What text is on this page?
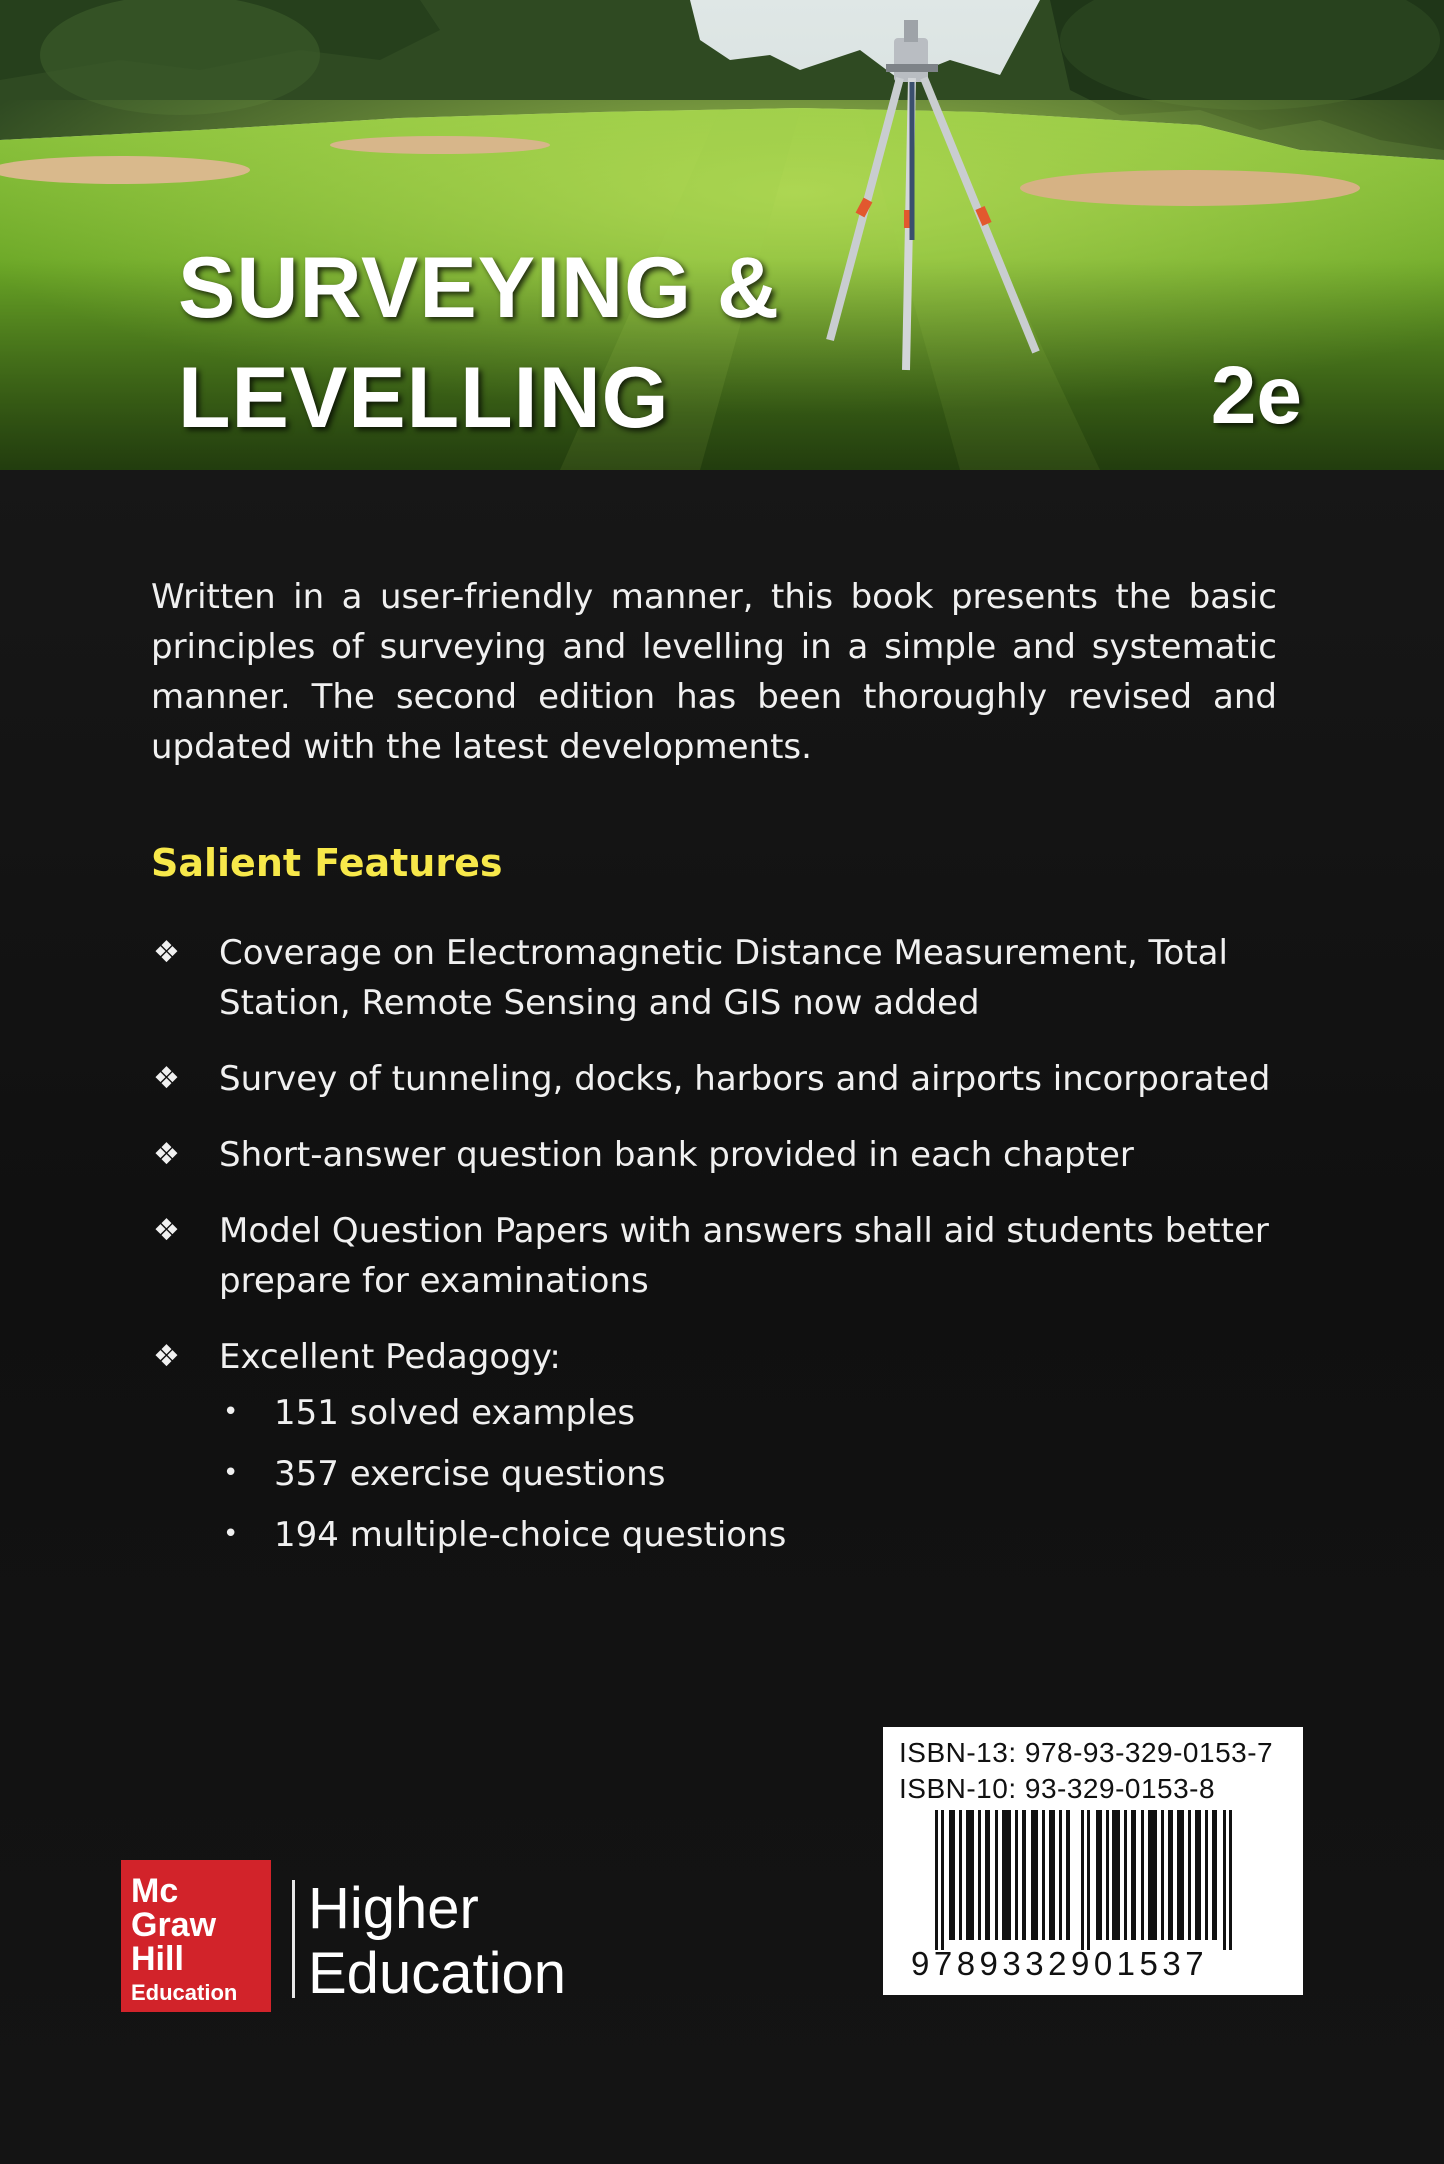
SURVEYING &
LEVELLING	2e

Written in a user-friendly manner, this book presents the basic principles of surveying and levelling in a simple and systematic manner. The second edition has been thoroughly revised and updated with the latest developments.

Salient Features
❖ Coverage on Electromagnetic Distance Measurement, Total Station, Remote Sensing and GIS now added
❖ Survey of tunneling, docks, harbors and airports incorporated
❖ Short-answer question bank provided in each chapter
❖ Model Question Papers with answers shall aid students better prepare for examinations
❖ Excellent Pedagogy:
• 151 solved examples
• 357 exercise questions
• 194 multiple-choice questions
ISBN-13: 978-93-329-0153-7
ISBN-10: 93-329-0153-8
9789332901537
Mc
Graw
Hill
Education
Higher
Education
